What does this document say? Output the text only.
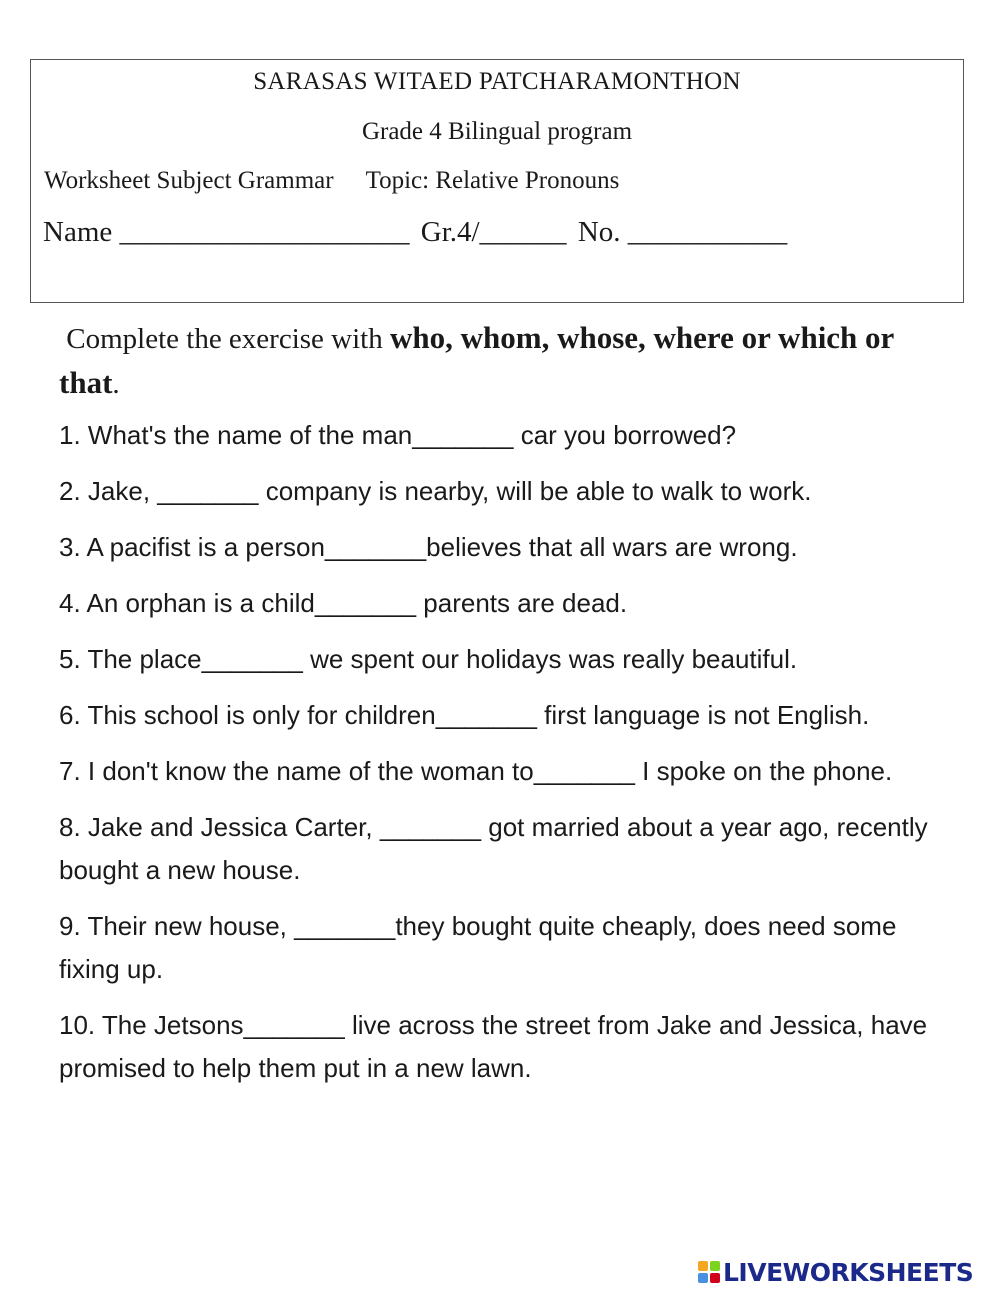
SARASAS WITAED PATCHARAMONTHON
Grade 4 Bilingual program
Worksheet Subject Grammar Topic: Relative Pronouns
Name ____________________ Gr.4/______ No. ___________
Complete the exercise with who, whom, whose, where or which or that.

1. What's the name of the man_______ car you borrowed?

2. Jake, _______ company is nearby, will be able to walk to work.

3. A pacifist is a person_______believes that all wars are wrong.

4. An orphan is a child_______ parents are dead.

5. The place_______ we spent our holidays was really beautiful.

6. This school is only for children_______ first language is not English.

7. I don't know the name of the woman to_______ I spoke on the phone.

8. Jake and Jessica Carter, _______ got married about a year ago, recently bought a new house.

9. Their new house, _______they bought quite cheaply, does need some fixing up.

10. The Jetsons_______ live across the street from Jake and Jessica, have promised to help them put in a new lawn.

LIVEWORKSHEETS
